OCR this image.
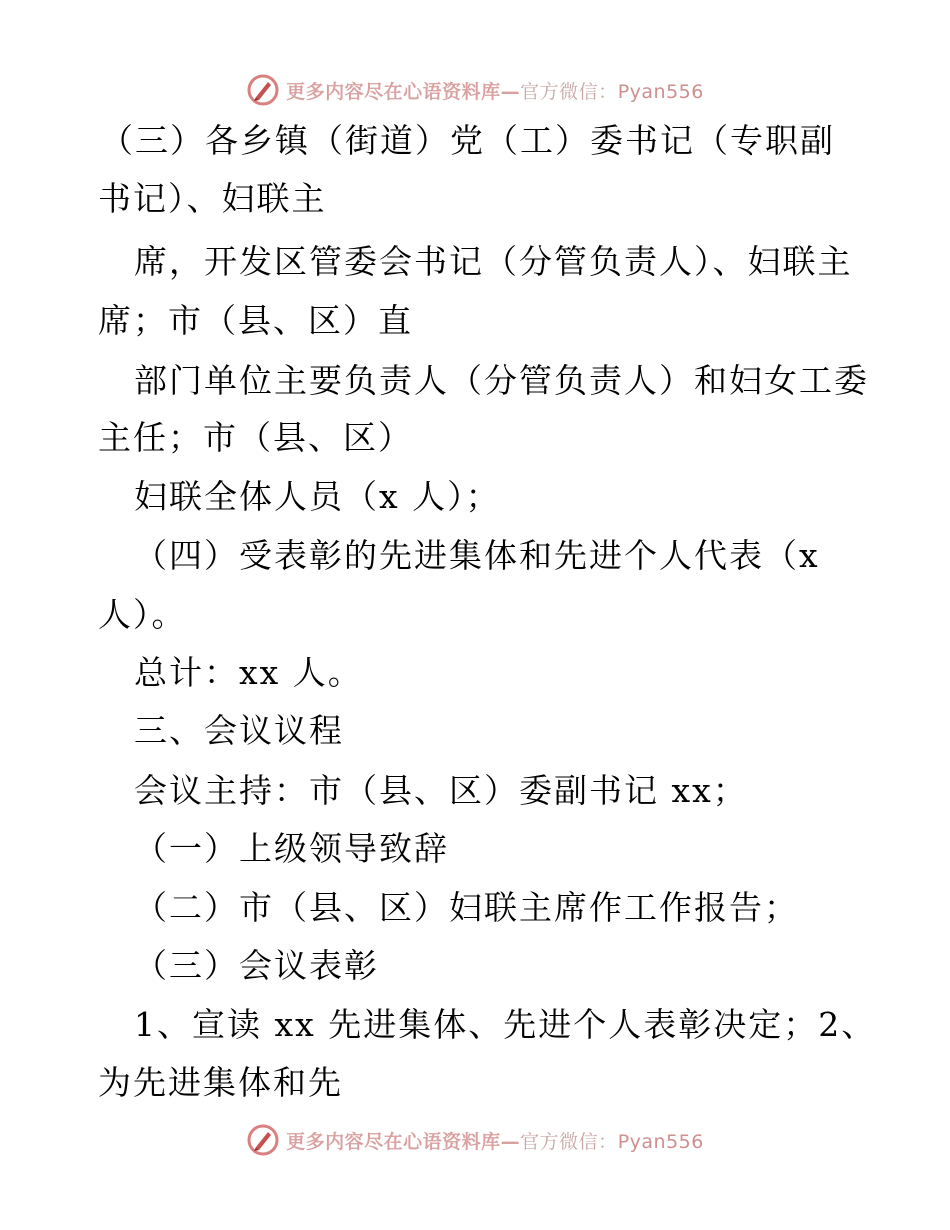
更多内容尽在心语资料库—官方微信：Pyan556
（三）各乡镇（街道）党（工）委书记（专职副
书记）、妇联主
席，开发区管委会书记（分管负责人）、妇联主
席；市（县、区）直
部门单位主要负责人（分管负责人）和妇女工委
主任；市（县、区）
妇联全体人员（x 人）；
（四）受表彰的先进集体和先进个人代表（x
人）。
总计：xx 人。
三、会议议程
会议主持：市（县、区）委副书记 xx；
（一）上级领导致辞
（二）市（县、区）妇联主席作工作报告；
（三）会议表彰
1、宣读 xx 先进集体、先进个人表彰决定；2、
为先进集体和先
更多内容尽在心语资料库—官方微信：Pyan556
